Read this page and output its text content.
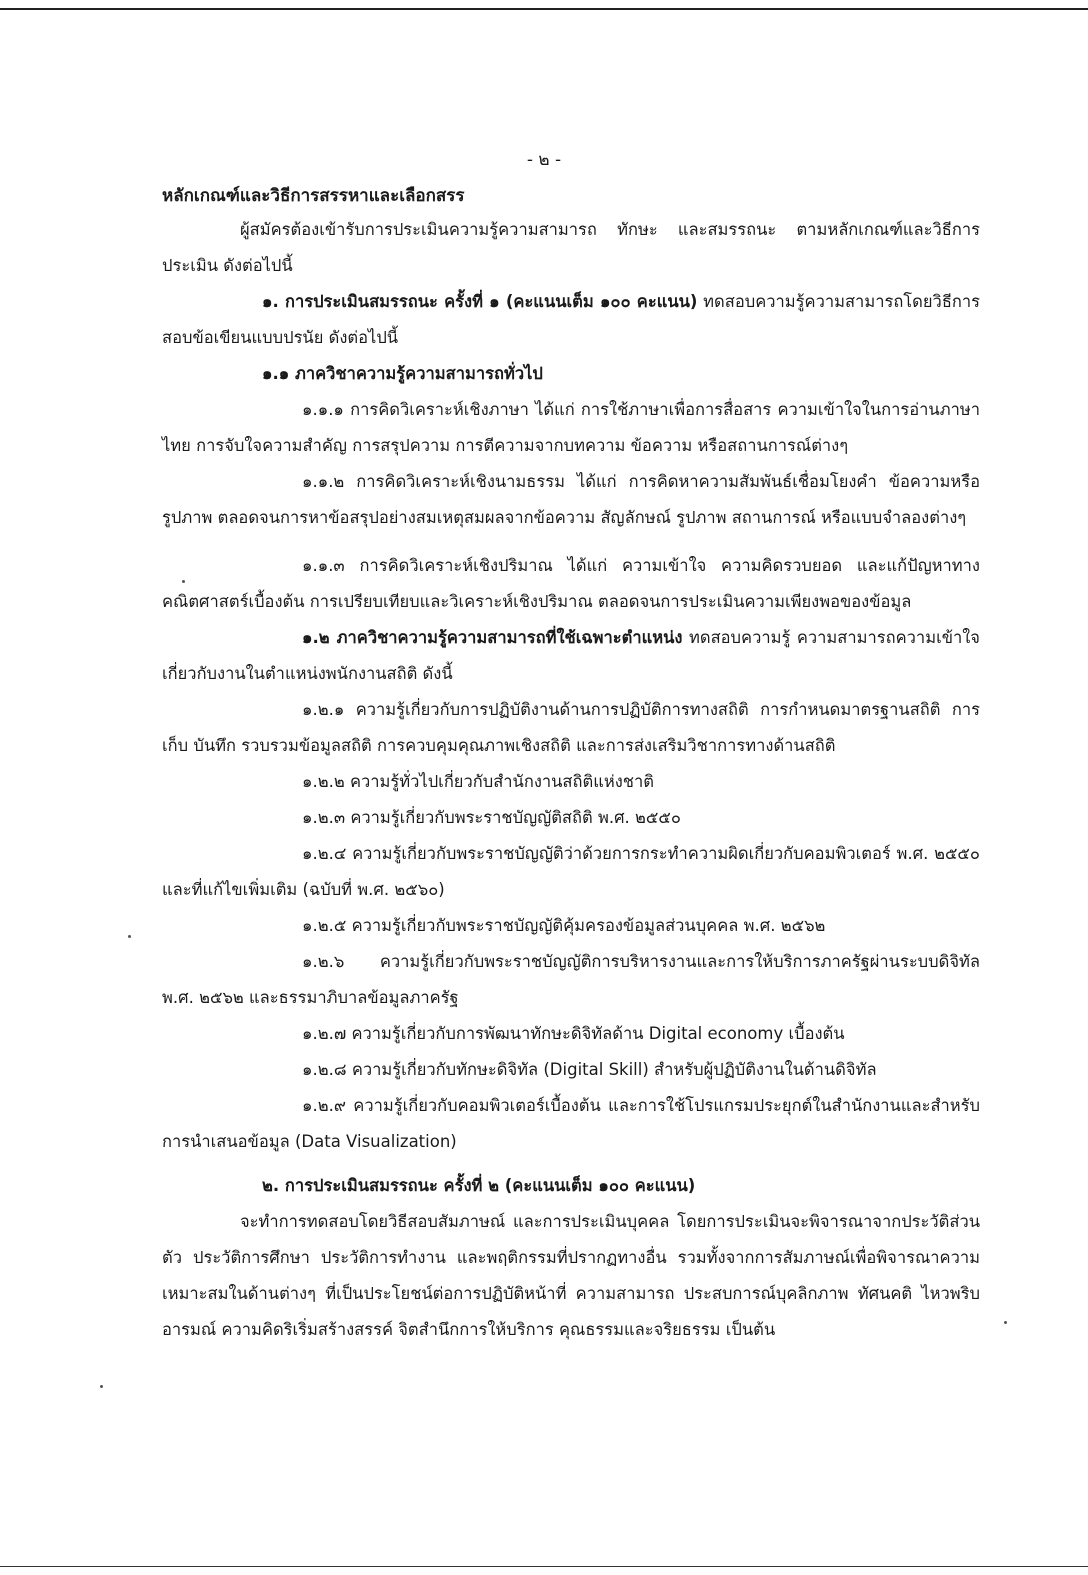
- ๒ -

หลักเกณฑ์และวิธีการสรรหาและเลือกสรร

ผู้สมัครต้องเข้ารับการประเมินความรู้ความสามารถ ทักษะ และสมรรถนะ ตามหลักเกณฑ์และวิธีการประเมิน ดังต่อไปนี้

๑. การประเมินสมรรถนะ ครั้งที่ ๑ (คะแนนเต็ม ๑๐๐ คะแนน) ทดสอบความรู้ความสามารถโดยวิธีการสอบข้อเขียนแบบปรนัย ดังต่อไปนี้

๑.๑ ภาควิชาความรู้ความสามารถทั่วไป

๑.๑.๑ การคิดวิเคราะห์เชิงภาษา ได้แก่ การใช้ภาษาเพื่อการสื่อสาร ความเข้าใจในการอ่านภาษาไทย การจับใจความสำคัญ การสรุปความ การตีความจากบทความ ข้อความ หรือสถานการณ์ต่างๆ

๑.๑.๒ การคิดวิเคราะห์เชิงนามธรรม ได้แก่ การคิดหาความสัมพันธ์เชื่อมโยงคำ ข้อความหรือรูปภาพ ตลอดจนการหาข้อสรุปอย่างสมเหตุสมผลจากข้อความ สัญลักษณ์ รูปภาพ สถานการณ์ หรือแบบจำลองต่างๆ

๑.๑.๓ การคิดวิเคราะห์เชิงปริมาณ ได้แก่ ความเข้าใจ ความคิดรวบยอด และแก้ปัญหาทางคณิตศาสตร์เบื้องต้น การเปรียบเทียบและวิเคราะห์เชิงปริมาณ ตลอดจนการประเมินความเพียงพอของข้อมูล

๑.๒ ภาควิชาความรู้ความสามารถที่ใช้เฉพาะตำแหน่ง ทดสอบความรู้ ความสามารถความเข้าใจเกี่ยวกับงานในตำแหน่งพนักงานสถิติ ดังนี้

๑.๒.๑ ความรู้เกี่ยวกับการปฏิบัติงานด้านการปฏิบัติการทางสถิติ การกำหนดมาตรฐานสถิติ การเก็บ บันทึก รวบรวมข้อมูลสถิติ การควบคุมคุณภาพเชิงสถิติ และการส่งเสริมวิชาการทางด้านสถิติ

๑.๒.๒ ความรู้ทั่วไปเกี่ยวกับสำนักงานสถิติแห่งชาติ

๑.๒.๓ ความรู้เกี่ยวกับพระราชบัญญัติสถิติ พ.ศ. ๒๕๕๐

๑.๒.๔ ความรู้เกี่ยวกับพระราชบัญญัติว่าด้วยการกระทำความผิดเกี่ยวกับคอมพิวเตอร์ พ.ศ. ๒๕๕๐ และที่แก้ไขเพิ่มเติม (ฉบับที่ พ.ศ. ๒๕๖๐)

๑.๒.๕ ความรู้เกี่ยวกับพระราชบัญญัติคุ้มครองข้อมูลส่วนบุคคล พ.ศ. ๒๕๖๒

๑.๒.๖ ความรู้เกี่ยวกับพระราชบัญญัติการบริหารงานและการให้บริการภาครัฐผ่านระบบดิจิทัล พ.ศ. ๒๕๖๒ และธรรมาภิบาลข้อมูลภาครัฐ

๑.๒.๗ ความรู้เกี่ยวกับการพัฒนาทักษะดิจิทัลด้าน Digital economy เบื้องต้น

๑.๒.๘ ความรู้เกี่ยวกับทักษะดิจิทัล (Digital Skill) สำหรับผู้ปฏิบัติงานในด้านดิจิทัล

๑.๒.๙ ความรู้เกี่ยวกับคอมพิวเตอร์เบื้องต้น และการใช้โปรแกรมประยุกต์ในสำนักงานและสำหรับการนำเสนอข้อมูล (Data Visualization)

๒. การประเมินสมรรถนะ ครั้งที่ ๒ (คะแนนเต็ม ๑๐๐ คะแนน)

จะทำการทดสอบโดยวิธีสอบสัมภาษณ์ และการประเมินบุคคล โดยการประเมินจะพิจารณาจากประวัติส่วนตัว ประวัติการศึกษา ประวัติการทำงาน และพฤติกรรมที่ปรากฏทางอื่น รวมทั้งจากการสัมภาษณ์เพื่อพิจารณาความเหมาะสมในด้านต่างๆ ที่เป็นประโยชน์ต่อการปฏิบัติหน้าที่ ความสามารถ ประสบการณ์บุคลิกภาพ ทัศนคติ ไหวพริบ อารมณ์ ความคิดริเริ่มสร้างสรรค์ จิตสำนึกการให้บริการ คุณธรรมและจริยธรรม เป็นต้น
